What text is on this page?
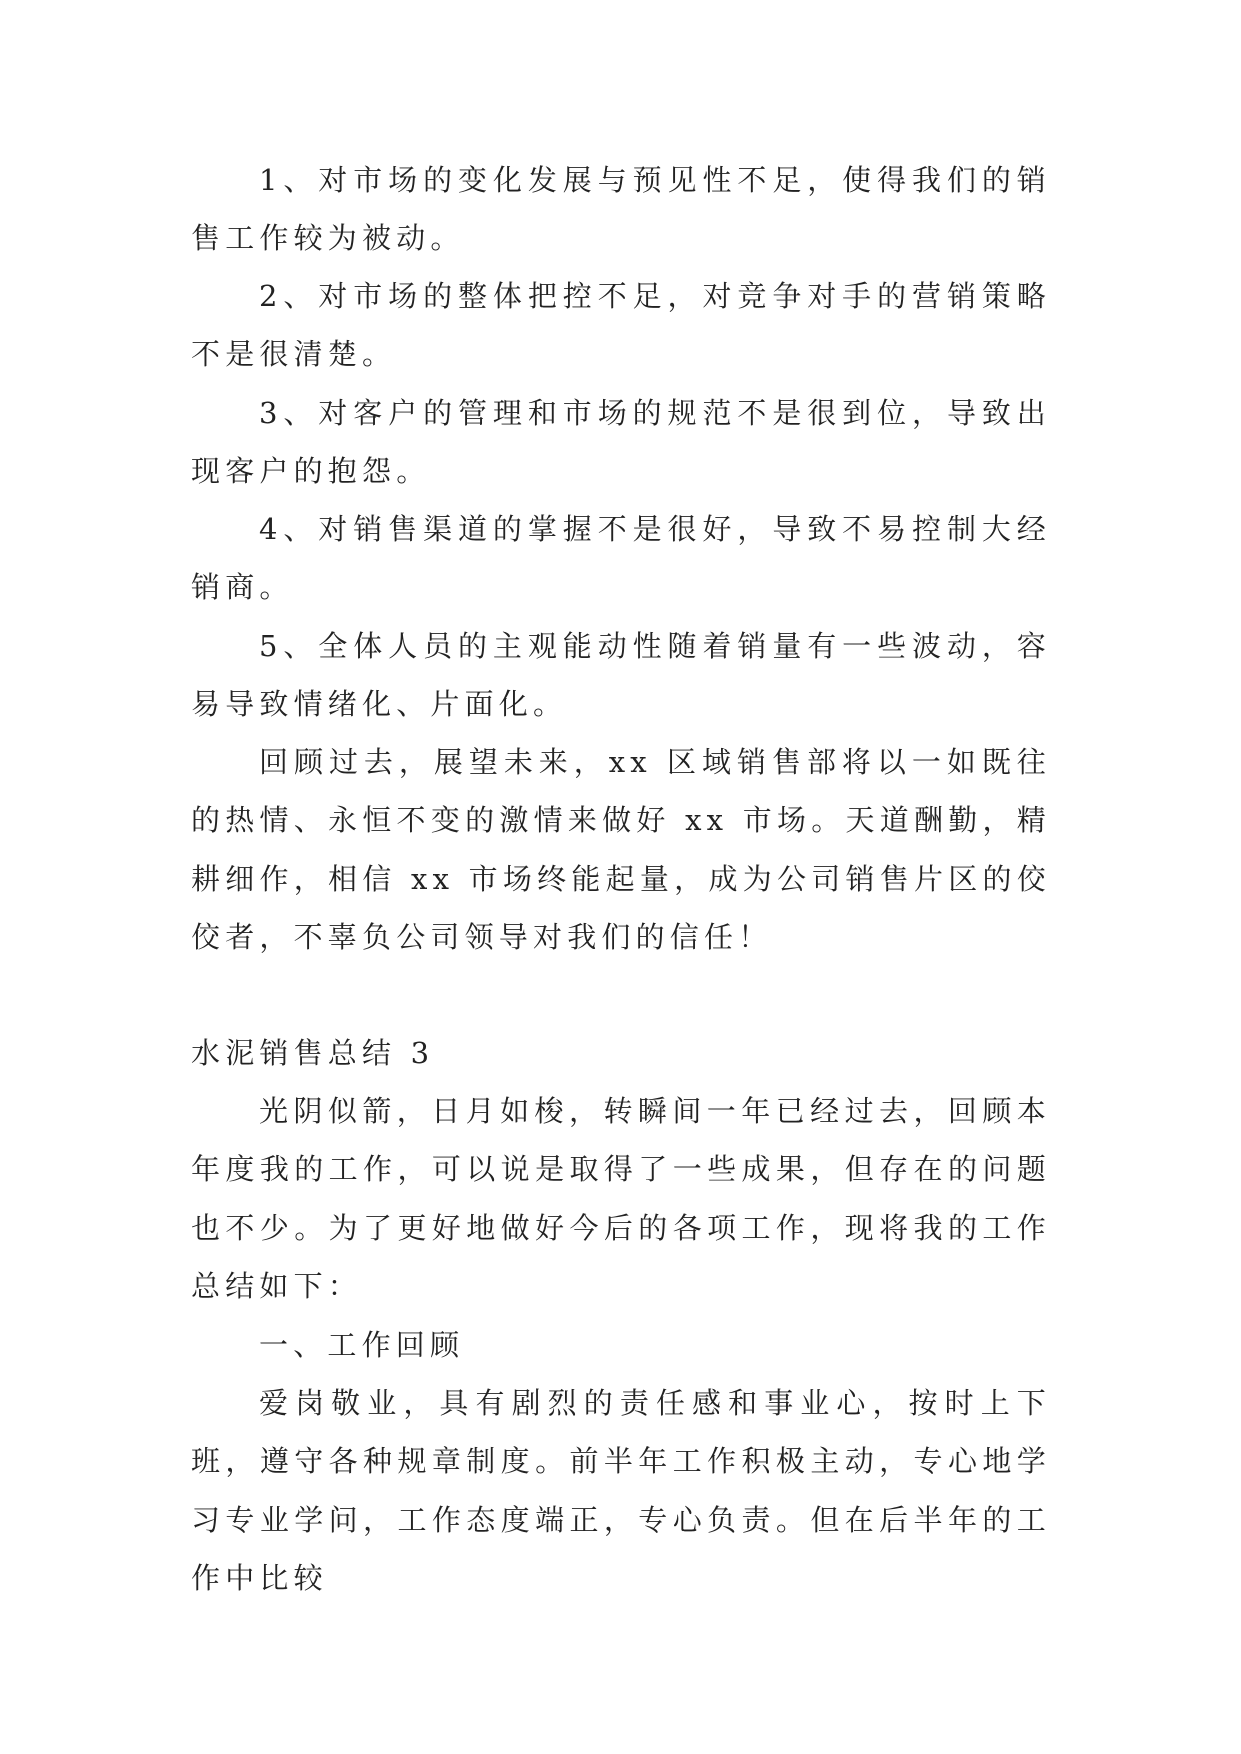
1、对市场的变化发展与预见性不足，使得我们的销售工作较为被动。

2、对市场的整体把控不足，对竞争对手的营销策略不是很清楚。

3、对客户的管理和市场的规范不是很到位，导致出现客户的抱怨。

4、对销售渠道的掌握不是很好，导致不易控制大经销商。

5、全体人员的主观能动性随着销量有一些波动，容易导致情绪化、片面化。

回顾过去，展望未来，xx 区域销售部将以一如既往的热情、永恒不变的激情来做好 xx 市场。天道酬勤，精耕细作，相信 xx 市场终能起量，成为公司销售片区的佼佼者，不辜负公司领导对我们的信任！

水泥销售总结 3

光阴似箭，日月如梭，转瞬间一年已经过去，回顾本年度我的工作，可以说是取得了一些成果，但存在的问题也不少。为了更好地做好今后的各项工作，现将我的工作总结如下：

一、工作回顾

爱岗敬业，具有剧烈的责任感和事业心，按时上下班，遵守各种规章制度。前半年工作积极主动，专心地学习专业学问，工作态度端正，专心负责。但在后半年的工作中比较
